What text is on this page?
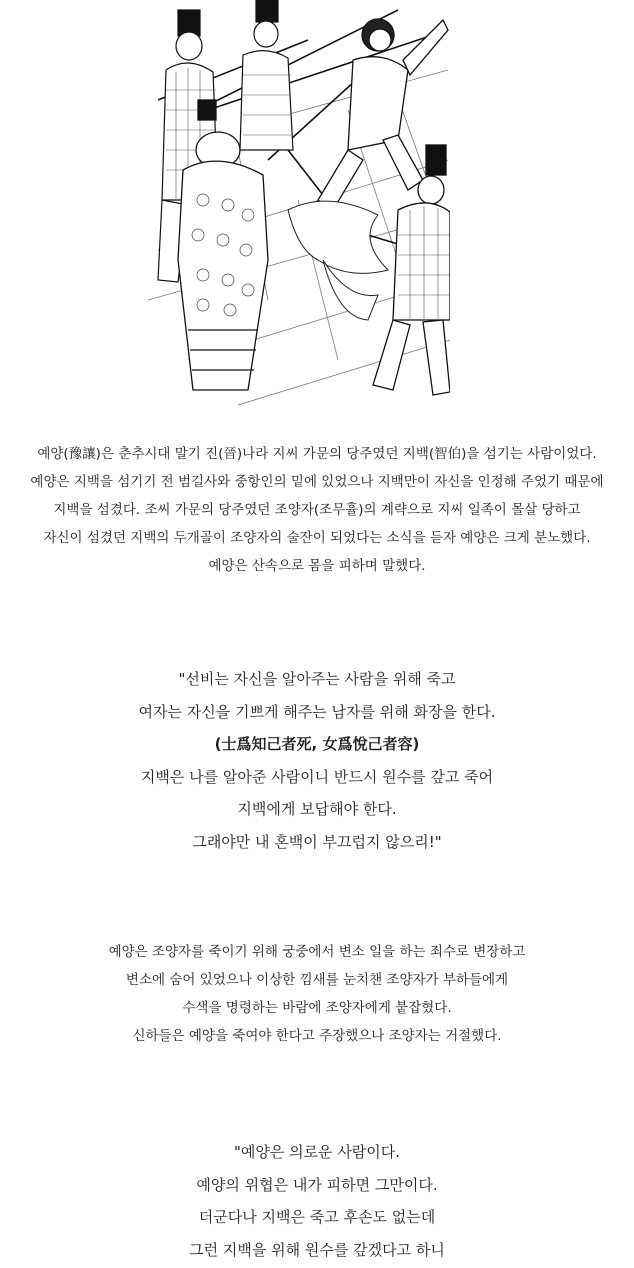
예양(豫讓)은 춘추시대 말기 진(晉)나라 지씨 가문의 당주였던 지백(智伯)을 섬기는 사람이었다.
예양은 지백을 섬기기 전 범길사와 중항인의 밑에 있었으나 지백만이 자신을 인정해 주었기 때문에
지백을 섬겼다. 조씨 가문의 당주였던 조양자(조무휼)의 계략으로 지씨 일족이 몰살 당하고
자신이 섬겼던 지백의 두개골이 조양자의 술잔이 되었다는 소식을 듣자 예양은 크게 분노했다.
예양은 산속으로 몸을 피하며 말했다.
"선비는 자신을 알아주는 사람을 위해 죽고
여자는 자신을 기쁘게 해주는 남자를 위해 화장을 한다.
(士爲知己者死, 女爲悅己者容)
지백은 나를 알아준 사람이니 반드시 원수를 갚고 죽어
지백에게 보답해야 한다.
그래야만 내 혼백이 부끄럽지 않으리!"
예양은 조양자를 죽이기 위해 궁중에서 변소 일을 하는 죄수로 변장하고
변소에 숨어 있었으나 이상한 낌새를 눈치챈 조양자가 부하들에게
수색을 명령하는 바람에 조양자에게 붙잡혔다.
신하들은 예양을 죽여야 한다고 주장했으나 조양자는 거절했다.
"예양은 의로운 사람이다.
예양의 위협은 내가 피하면 그만이다.
더군다나 지백은 죽고 후손도 없는데
그런 지백을 위해 원수를 갚겠다고 하니
